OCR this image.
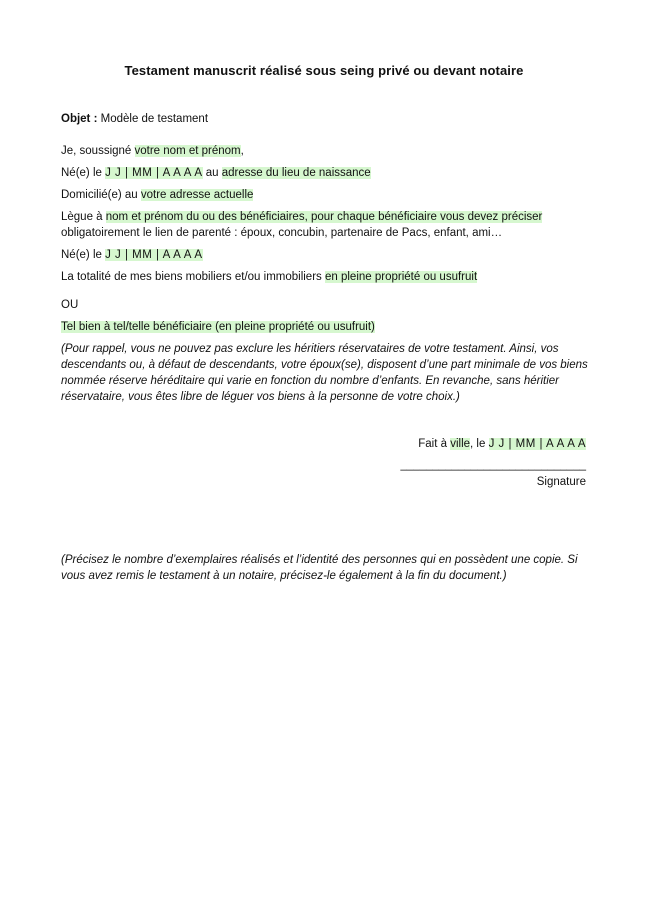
Testament manuscrit réalisé sous seing privé ou devant notaire
Objet : Modèle de testament
Je, soussigné votre nom et prénom,
Né(e) le J J | MM | A A A A au adresse du lieu de naissance
Domicilié(e) au votre adresse actuelle
Lègue à nom et prénom du ou des bénéficiaires, pour chaque bénéficiaire vous devez préciser
obligatoirement le lien de parenté : époux, concubin, partenaire de Pacs, enfant, ami…
Né(e) le J J | MM | A A A A
La totalité de mes biens mobiliers et/ou immobiliers en pleine propriété ou usufruit
OU
Tel bien à tel/telle bénéficiaire (en pleine propriété ou usufruit)
(Pour rappel, vous ne pouvez pas exclure les héritiers réservataires de votre testament. Ainsi, vos descendants ou, à défaut de descendants, votre époux(se), disposent d’une part minimale de vos biens nommée réserve héréditaire qui varie en fonction du nombre d’enfants. En revanche, sans héritier réservataire, vous êtes libre de léguer vos biens à la personne de votre choix.)
Fait à ville, le J J | MM | A A A A
_____________________________
Signature
(Précisez le nombre d’exemplaires réalisés et l’identité des personnes qui en possèdent une copie. Si vous avez remis le testament à un notaire, précisez-le également à la fin du document.)
